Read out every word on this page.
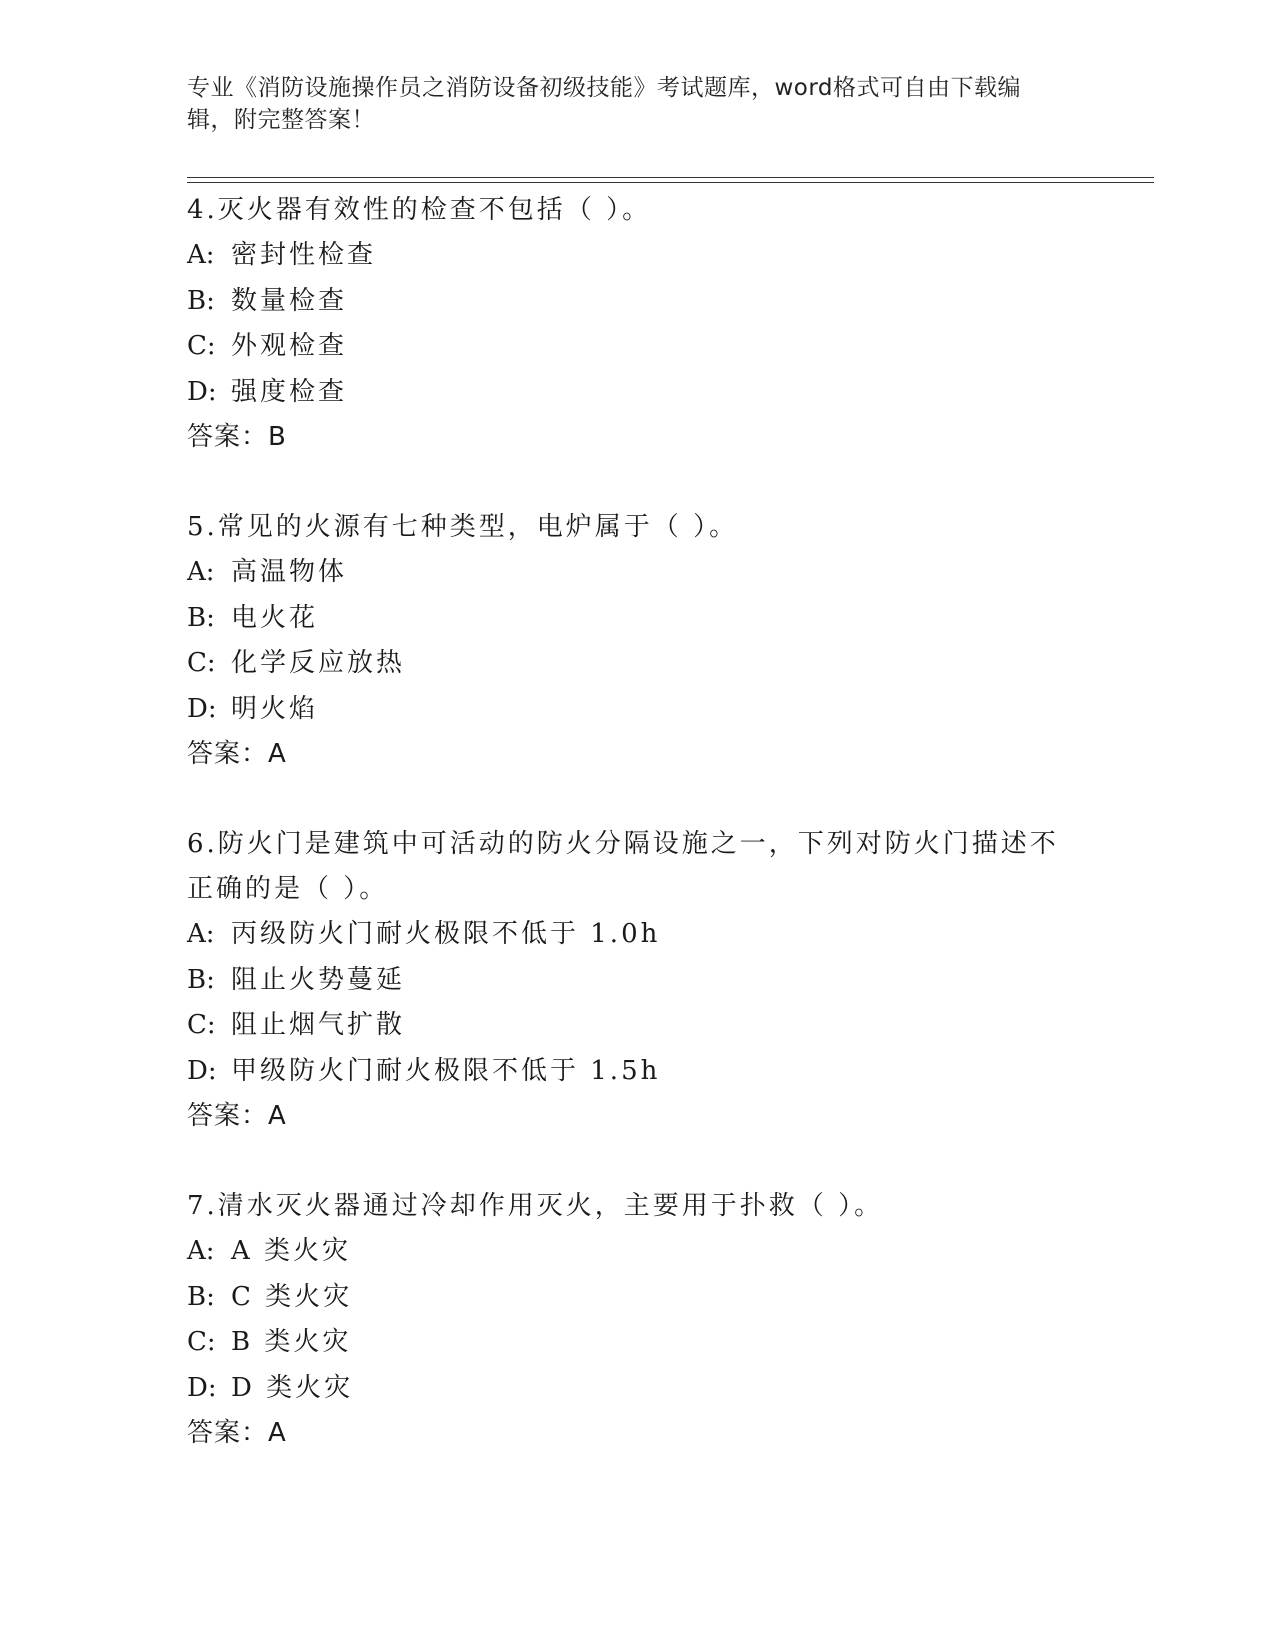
专业《消防设施操作员之消防设备初级技能》考试题库，word格式可自由下载编辑，附完整答案！
4.灭火器有效性的检查不包括（ ）。
A: 密封性检查
B: 数量检查
C: 外观检查
D: 强度检查
答案：B
5.常见的火源有七种类型，电炉属于（ ）。
A: 高温物体
B: 电火花
C: 化学反应放热
D: 明火焰
答案：A
6.防火门是建筑中可活动的防火分隔设施之一，下列对防火门描述不正确的是（ ）。
A: 丙级防火门耐火极限不低于 1.0h
B: 阻止火势蔓延
C: 阻止烟气扩散
D: 甲级防火门耐火极限不低于 1.5h
答案：A
7.清水灭火器通过冷却作用灭火，主要用于扑救（ ）。
A: A 类火灾
B: C 类火灾
C: B 类火灾
D: D 类火灾
答案：A
